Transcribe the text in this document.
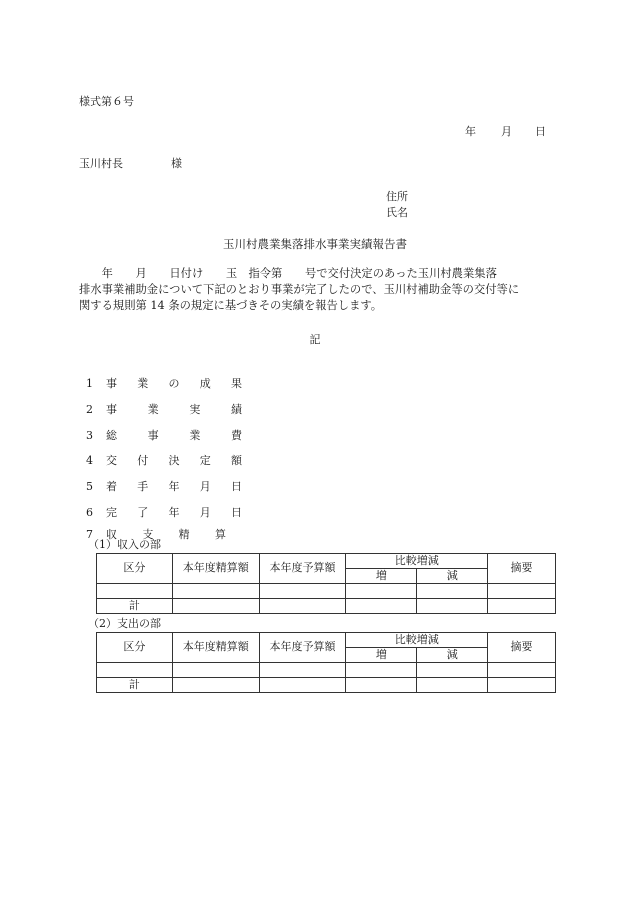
様式第６号
年 月 日
玉川村長	様
住所
氏名
玉川村農業集落排水事業実績報告書
　　年　　月　　日付け　　玉　指令第　　号で交付決定のあった玉川村農業集落
排水事業補助金について下記のとおり事業が完了したので、玉川村補助金等の交付等に
関する規則第 14 条の規定に基づきその実績を報告します。
記
1	事 業 の 成 果
2	事	業	実	績
3	総	事	業	費
4	交 付 決 定 額
5	着 手 年 月 日
6	完 了 年 月 日
7	収 支 精 算
（1）収入の部
区分	本年度精算額	本年度予算額	比較増減		摘要
			増	減	

計					
（2）支出の部
区分	本年度精算額	本年度予算額	比較増減		摘要
			増	減	

計					
